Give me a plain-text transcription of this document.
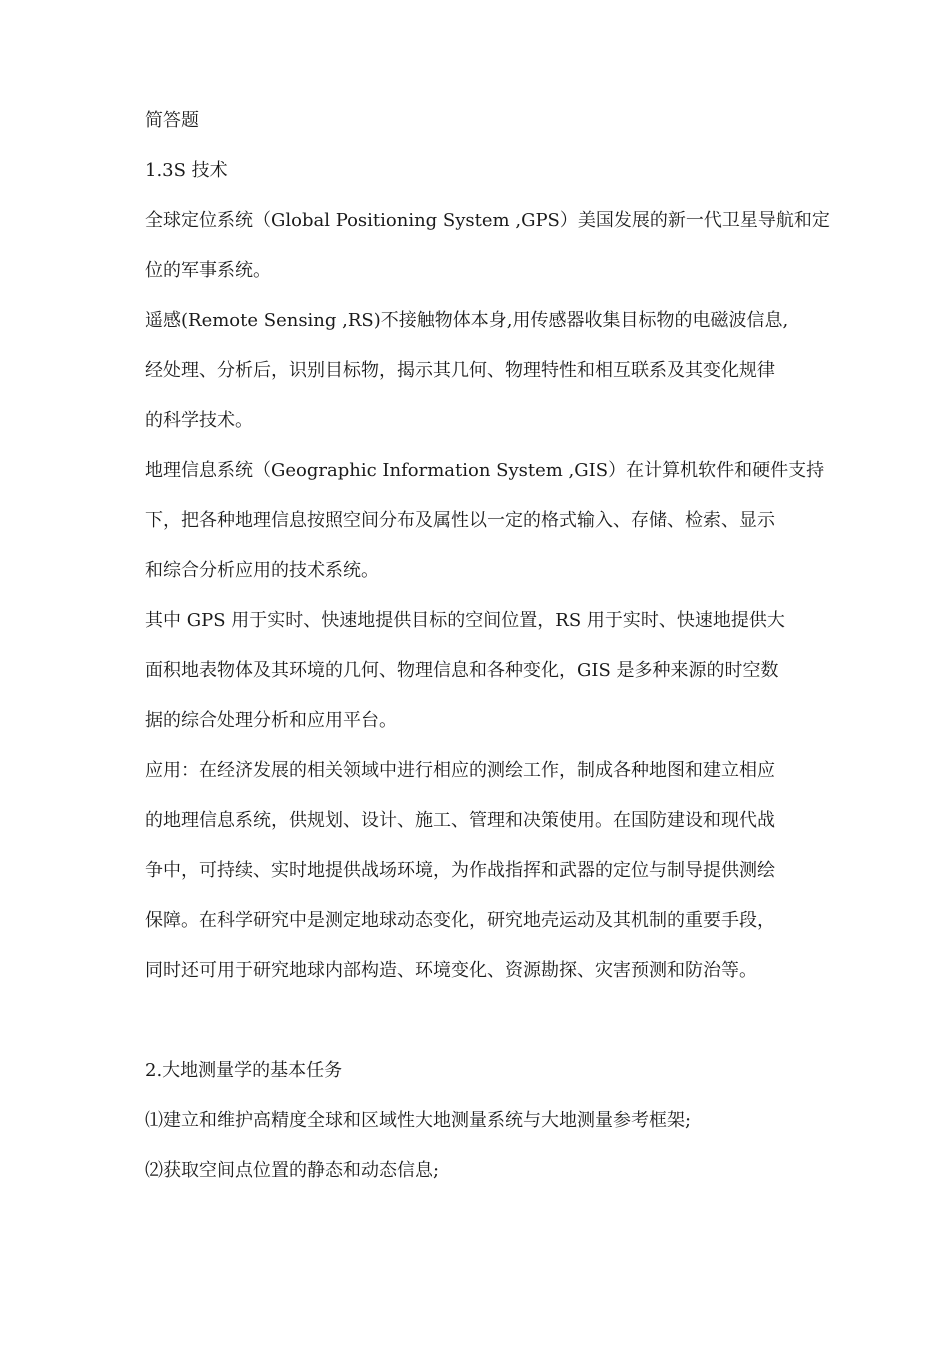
简答题
1.3S 技术
全球定位系统（Global Positioning System ,GPS）美国发展的新一代卫星导航和定
位的军事系统。
遥感(Remote Sensing ,RS)不接触物体本身,用传感器收集目标物的电磁波信息,
经处理、分析后，识别目标物，揭示其几何、物理特性和相互联系及其变化规律
的科学技术。
地理信息系统（Geographic Information System ,GIS）在计算机软件和硬件支持
下，把各种地理信息按照空间分布及属性以一定的格式输入、存储、检索、显示
和综合分析应用的技术系统。
其中 GPS 用于实时、快速地提供目标的空间位置，RS 用于实时、快速地提供大
面积地表物体及其环境的几何、物理信息和各种变化，GIS 是多种来源的时空数
据的综合处理分析和应用平台。
应用：在经济发展的相关领域中进行相应的测绘工作，制成各种地图和建立相应
的地理信息系统，供规划、设计、施工、管理和决策使用。在国防建设和现代战
争中，可持续、实时地提供战场环境，为作战指挥和武器的定位与制导提供测绘
保障。在科学研究中是测定地球动态变化，研究地壳运动及其机制的重要手段，
同时还可用于研究地球内部构造、环境变化、资源勘探、灾害预测和防治等。
2.大地测量学的基本任务
⑴建立和维护高精度全球和区域性大地测量系统与大地测量参考框架;
⑵获取空间点位置的静态和动态信息;
